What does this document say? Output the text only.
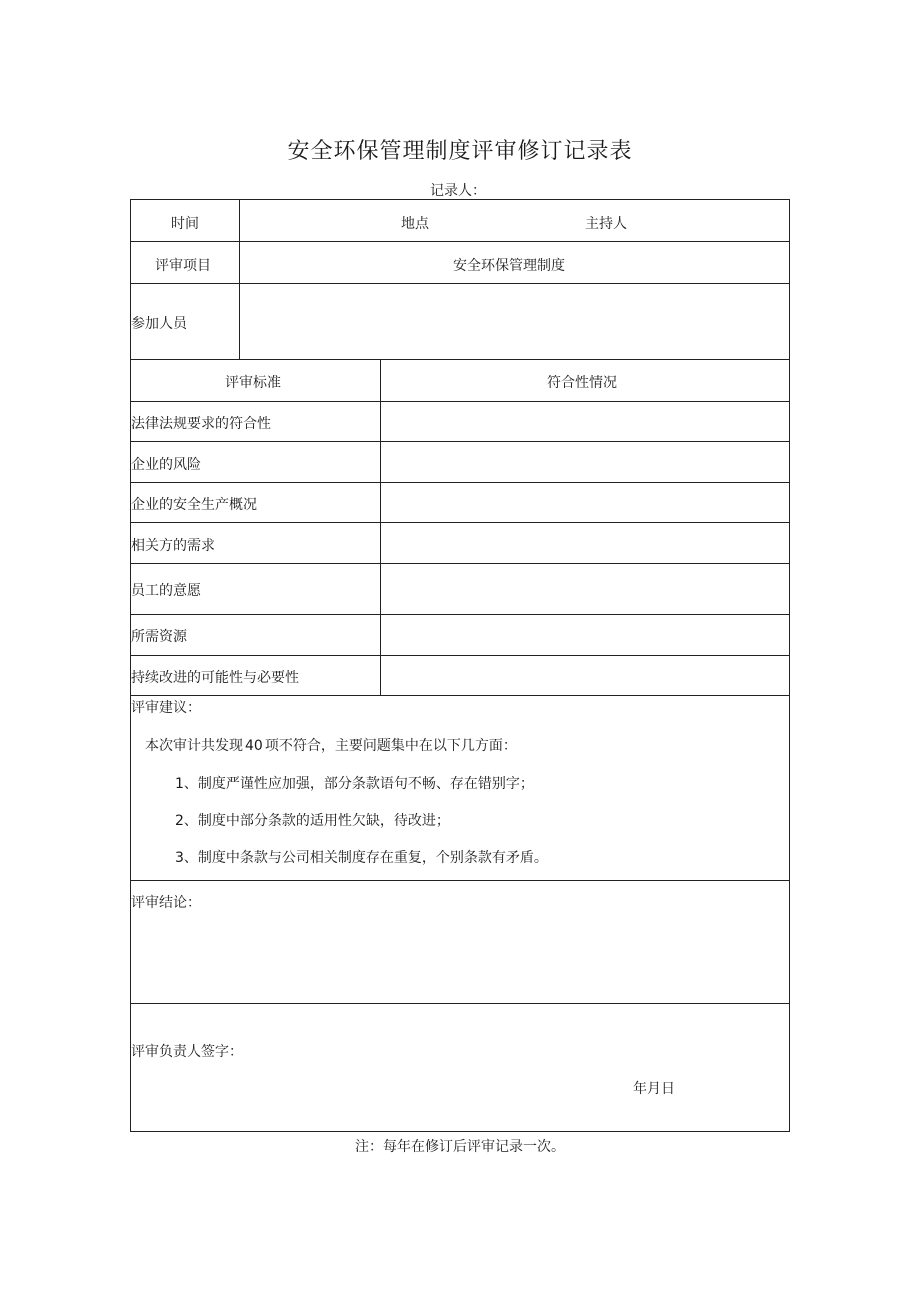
安全环保管理制度评审修订记录表
记录人：
时间	地点	主持人
评审项目	安全环保管理制度
参加人员
评审标准	符合性情况
法律法规要求的符合性
企业的风险
企业的安全生产概况
相关方的需求
员工的意愿
所需资源
持续改进的可能性与必要性
评审建议：
本次审计共发现 40 项不符合，主要问题集中在以下几方面：
1、制度严谨性应加强，部分条款语句不畅、存在错别字；
2、制度中部分条款的适用性欠缺，待改进；
3、制度中条款与公司相关制度存在重复，个别条款有矛盾。
评审结论：
评审负责人签字：
年月日
注：每年在修订后评审记录一次。
